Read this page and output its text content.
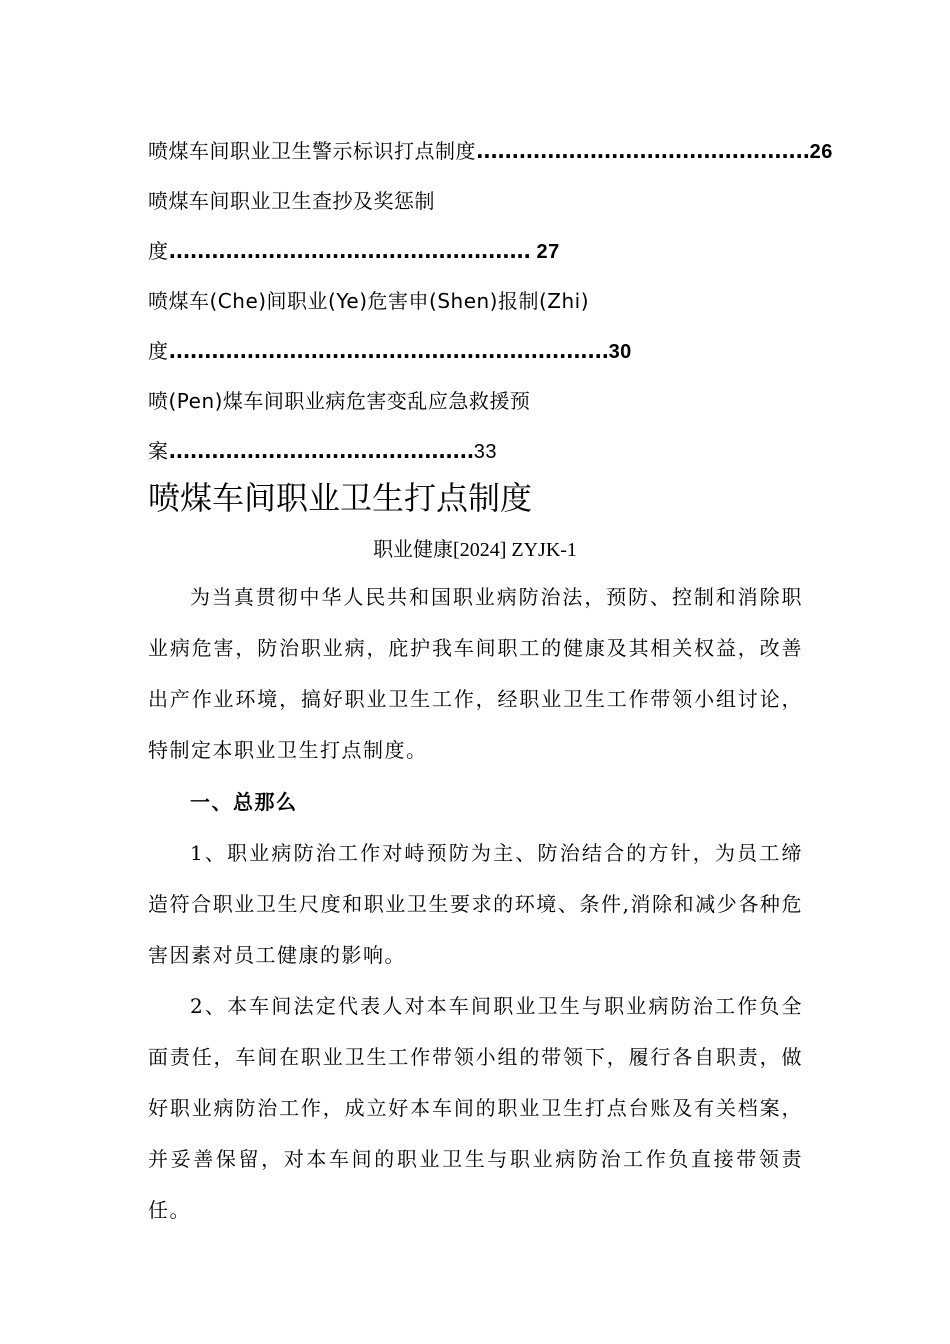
喷煤车间职业卫生警示标识打点制度...............................................26
喷煤车间职业卫生查抄及奖惩制
度................................................... 27
喷煤车(Che)间职业(Ye)危害申(Shen)报制(Zhi)
度..............................................................30
喷(Pen)煤车间职业病危害变乱应急救援预
案...........................................33
喷煤车间职业卫生打点制度
职业健康[2024] ZYJK-1

为当真贯彻中华人民共和国职业病防治法，预防、控制和消除职业病危害，防治职业病，庇护我车间职工的健康及其相关权益，改善出产作业环境，搞好职业卫生工作，经职业卫生工作带领小组讨论，特制定本职业卫生打点制度。

一、总那么

1、职业病防治工作对峙预防为主、防治结合的方针，为员工缔造符合职业卫生尺度和职业卫生要求的环境、条件,消除和减少各种危害因素对员工健康的影响。

2、本车间法定代表人对本车间职业卫生与职业病防治工作负全面责任，车间在职业卫生工作带领小组的带领下，履行各自职责，做好职业病防治工作，成立好本车间的职业卫生打点台账及有关档案，并妥善保留，对本车间的职业卫生与职业病防治工作负直接带领责任。
